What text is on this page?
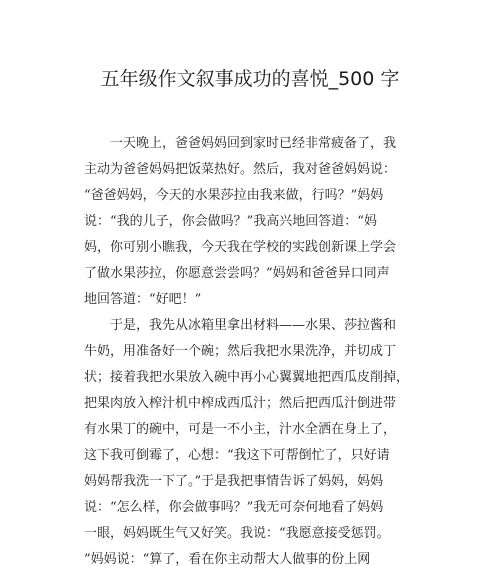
五年级作文叙事成功的喜悦_500 字
　　一天晚上，爸爸妈妈回到家时已经非常疲备了，我
主动为爸爸妈妈把饭菜热好。然后，我对爸爸妈妈说：
“爸爸妈妈，今天的水果莎拉由我来做，行吗？”妈妈
说：“我的儿子，你会做吗？”我高兴地回答道：“妈
妈，你可别小瞧我，今天我在学校的实践创新课上学会
了做水果莎拉，你愿意尝尝吗？”妈妈和爸爸异口同声
地回答道：“好吧！”
　　于是，我先从冰箱里拿出材料——水果、莎拉酱和
牛奶，用准备好一个碗；然后我把水果洗净，并切成丁
状；接着我把水果放入碗中再小心翼翼地把西瓜皮削掉，
把果肉放入榨汁机中榨成西瓜汁；然后把西瓜汁倒进带
有水果丁的碗中，可是一不小主，汁水全洒在身上了，
这下我可倒霉了，心想：“我这下可帮倒忙了，只好请
妈妈帮我洗一下了。”于是我把事情告诉了妈妈，妈妈
说：“怎么样，你会做事吗？”我无可奈何地看了妈妈
一眼，妈妈既生气又好笑。我说：“我愿意接受惩罚。
”妈妈说：“算了，看在你主动帮大人做事的份上网
